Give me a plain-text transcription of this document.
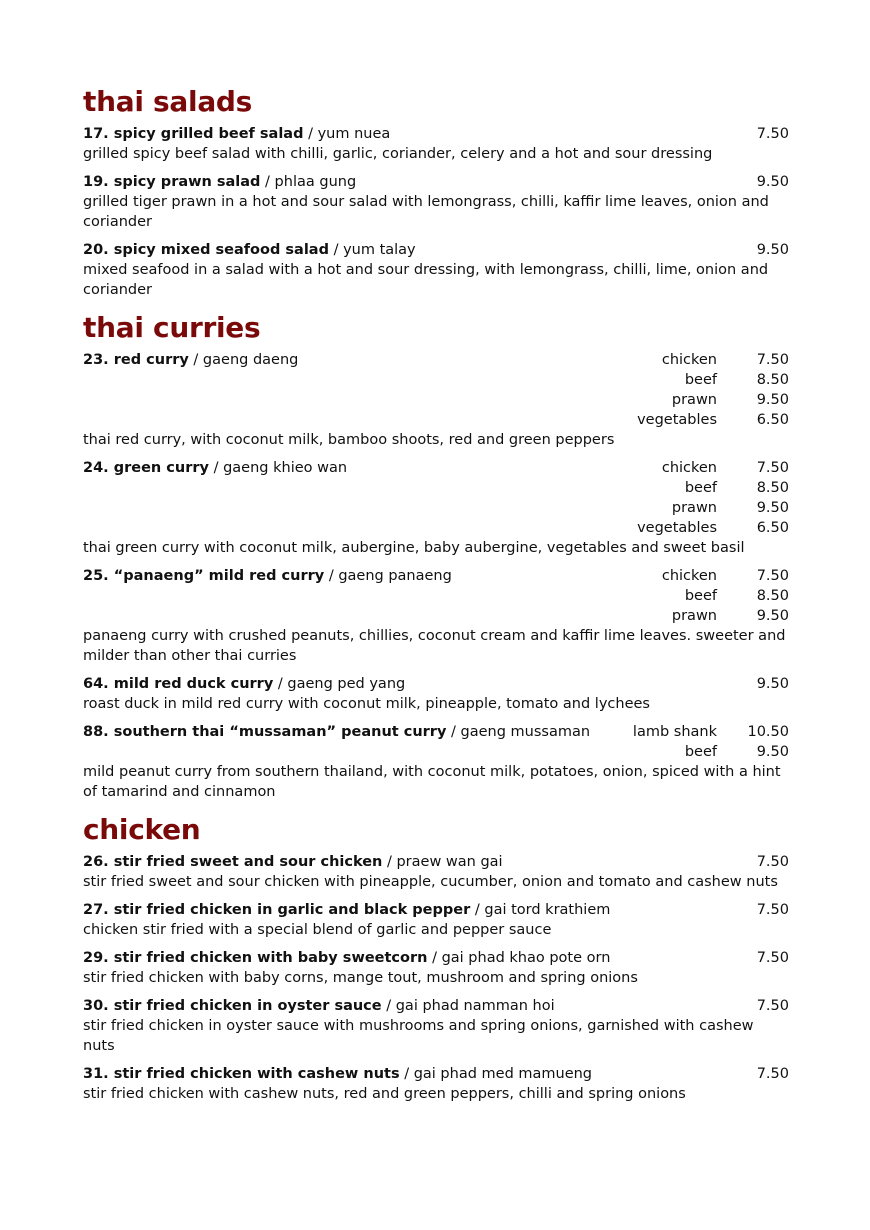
thai salads
17. spicy grilled beef salad / yum nuea	7.50
grilled spicy beef salad with chilli, garlic, coriander, celery and a hot and sour dressing
19. spicy prawn salad / phlaa gung	9.50
grilled tiger prawn in a hot and sour salad with lemongrass, chilli, kaffir lime leaves, onion and coriander
20. spicy mixed seafood salad / yum talay	9.50
mixed seafood in a salad with a hot and sour dressing, with lemongrass, chilli, lime, onion and coriander
thai curries
23. red curry / gaeng daeng	chicken	7.50
beef	8.50
prawn	9.50
vegetables	6.50
thai red curry, with coconut milk, bamboo shoots, red and green peppers
24. green curry / gaeng khieo wan	chicken	7.50
beef	8.50
prawn	9.50
vegetables	6.50
thai green curry with coconut milk, aubergine, baby aubergine, vegetables and sweet basil
25. “panaeng” mild red curry / gaeng panaeng	chicken	7.50
beef	8.50
prawn	9.50
panaeng curry with crushed peanuts, chillies, coconut cream and kaffir lime leaves. sweeter and milder than other thai curries
64. mild red duck curry / gaeng ped yang	9.50
roast duck in mild red curry with coconut milk, pineapple, tomato and lychees
88. southern thai “mussaman” peanut curry / gaeng mussaman	lamb shank	10.50
beef	9.50
mild peanut curry from southern thailand, with coconut milk, potatoes, onion, spiced with a hint of tamarind and cinnamon
chicken
26. stir fried sweet and sour chicken / praew wan gai	7.50
stir fried sweet and sour chicken with pineapple, cucumber, onion and tomato and cashew nuts
27. stir fried chicken in garlic and black pepper / gai tord krathiem	7.50
chicken stir fried with a special blend of garlic and pepper sauce
29. stir fried chicken with baby sweetcorn / gai phad khao pote orn	7.50
stir fried chicken with baby corns, mange tout, mushroom and spring onions
30. stir fried chicken in oyster sauce / gai phad namman hoi	7.50
stir fried chicken in oyster sauce with mushrooms and spring onions, garnished with cashew nuts
31. stir fried chicken with cashew nuts / gai phad med mamueng	7.50
stir fried chicken with cashew nuts, red and green peppers, chilli and spring onions
